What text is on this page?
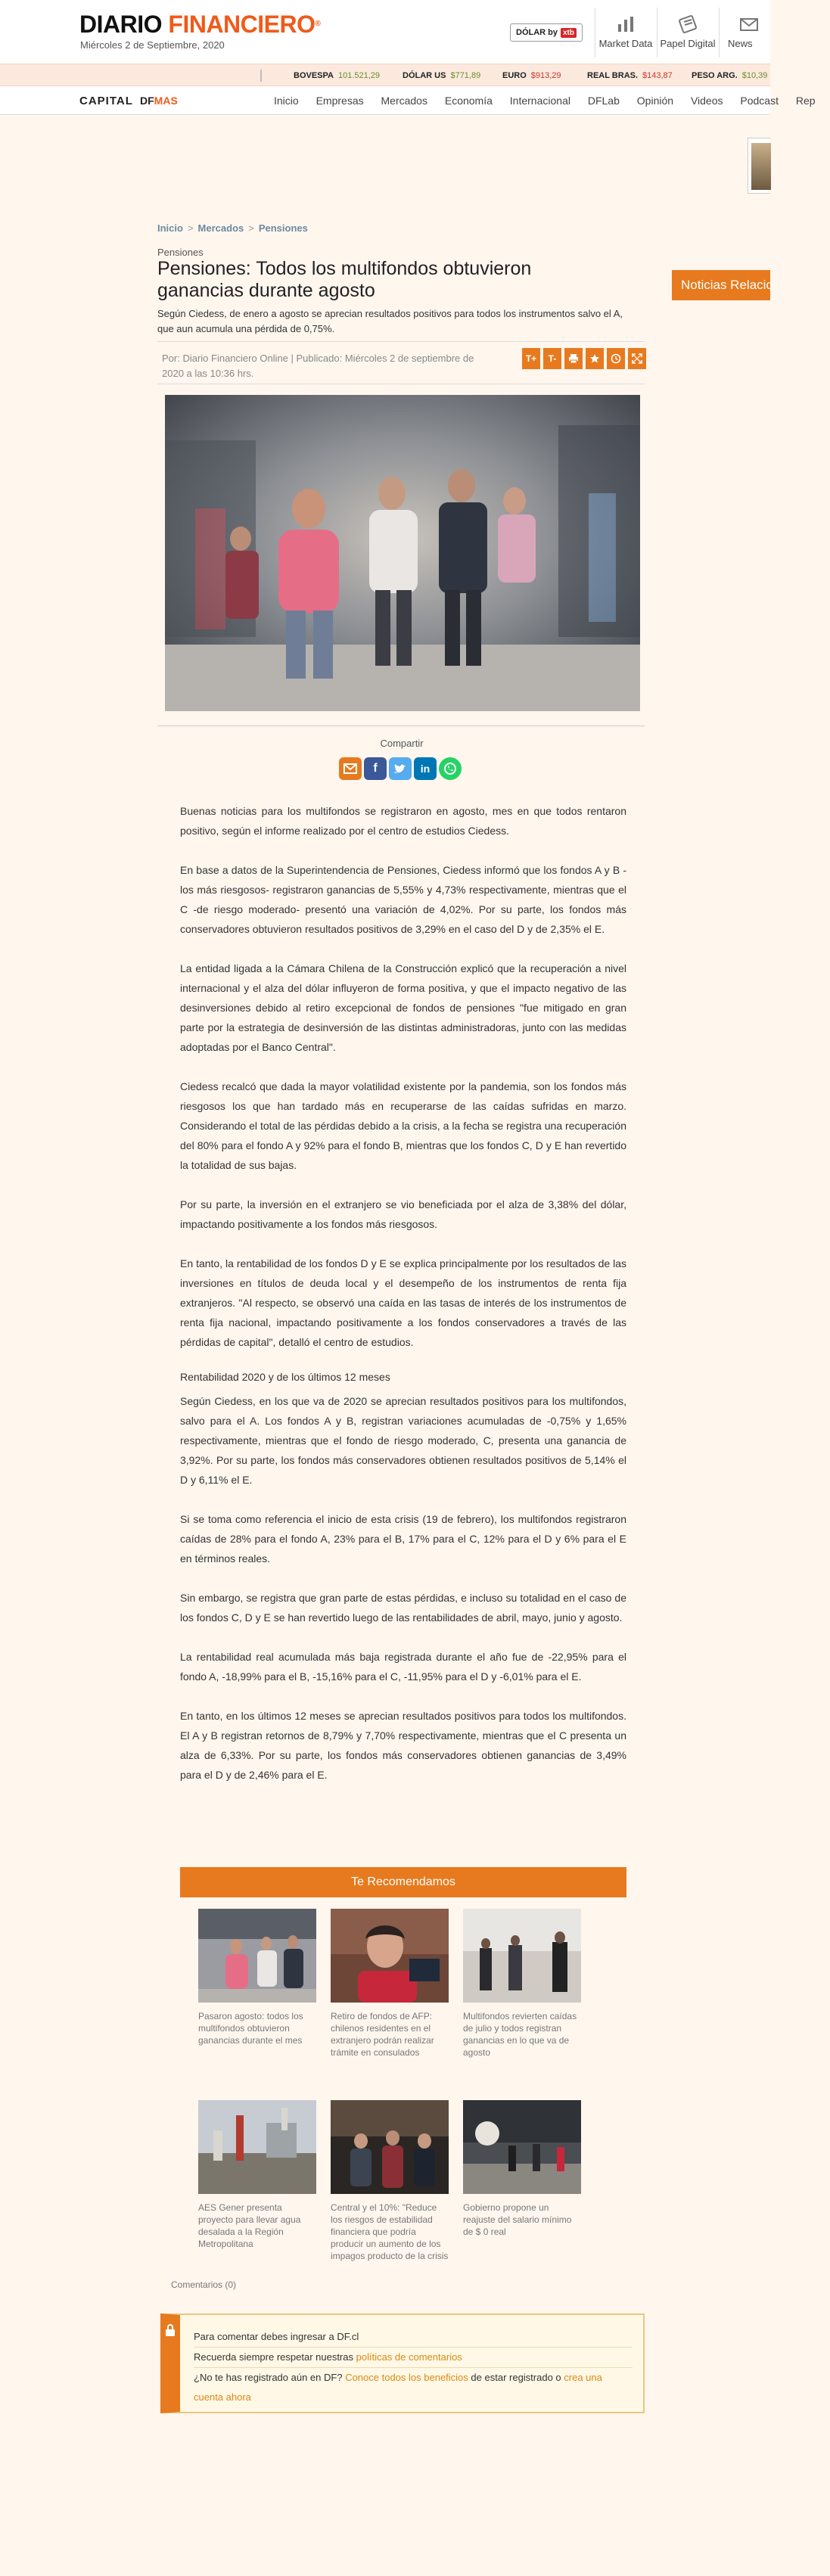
DIARIO FINANCIERO®
Miércoles 2 de Septiembre, 2020
DÓLAR by xtb
Market Data Papel Digital News
BOVESPA 101.521,29	DÓLAR US $771,89	EURO $913,29	REAL BRAS. $143,87 PESO ARG. $10,39
CAPITAL DFMAS	Inicio Empresas Mercados Economía Internacional DFLab Opinión Videos Podcast Rep
Noticias Relacio
Inicio > Mercados > Pensiones
Pensiones
Pensiones: Todos los multifondos obtuvieron ganancias durante agosto
Según Ciedess, de enero a agosto se aprecian resultados positivos para todos los instrumentos salvo el A, que aun acumula una pérdida de 0,75%.
Por: Diario Financiero Online | Publicado: Miércoles 2 de septiembre de 2020 a las 10:36 hrs.
T+	T-
Compartir
f	in

Buenas noticias para los multifondos se registraron en agosto, mes en que todos rentaron positivo, según el informe realizado por el centro de estudios Ciedess.

En base a datos de la Superintendencia de Pensiones, Ciedess informó que los fondos A y B -los más riesgosos- registraron ganancias de 5,55% y 4,73% respectivamente, mientras que el C -de riesgo moderado- presentó una variación de 4,02%. Por su parte, los fondos más conservadores obtuvieron resultados positivos de 3,29% en el caso del D y de 2,35% el E.

La entidad ligada a la Cámara Chilena de la Construcción explicó que la recuperación a nivel internacional y el alza del dólar influyeron de forma positiva, y que el impacto negativo de las desinversiones debido al retiro excepcional de fondos de pensiones "fue mitigado en gran parte por la estrategia de desinversión de las distintas administradoras, junto con las medidas adoptadas por el Banco Central".

Ciedess recalcó que dada la mayor volatilidad existente por la pandemia, son los fondos más riesgosos los que han tardado más en recuperarse de las caídas sufridas en marzo. Considerando el total de las pérdidas debido a la crisis, a la fecha se registra una recuperación del 80% para el fondo A y 92% para el fondo B, mientras que los fondos C, D y E han revertido la totalidad de sus bajas.

Por su parte, la inversión en el extranjero se vio beneficiada por el alza de 3,38% del dólar, impactando positivamente a los fondos más riesgosos.

En tanto, la rentabilidad de los fondos D y E se explica principalmente por los resultados de las inversiones en títulos de deuda local y el desempeño de los instrumentos de renta fija extranjeros. "Al respecto, se observó una caída en las tasas de interés de los instrumentos de renta fija nacional, impactando positivamente a los fondos conservadores a través de las pérdidas de capital", detalló el centro de estudios.

Rentabilidad 2020 y de los últimos 12 meses

Según Ciedess, en los que va de 2020 se aprecian resultados positivos para los multifondos, salvo para el A. Los fondos A y B, registran variaciones acumuladas de -0,75% y 1,65% respectivamente, mientras que el fondo de riesgo moderado, C, presenta una ganancia de 3,92%. Por su parte, los fondos más conservadores obtienen resultados positivos de 5,14% el D y 6,11% el E.

Si se toma como referencia el inicio de esta crisis (19 de febrero), los multifondos registraron caídas de 28% para el fondo A, 23% para el B, 17% para el C, 12% para el D y 6% para el E en términos reales.

Sin embargo, se registra que gran parte de estas pérdidas, e incluso su totalidad en el caso de los fondos C, D y E se han revertido luego de las rentabilidades de abril, mayo, junio y agosto.

La rentabilidad real acumulada más baja registrada durante el año fue de -22,95% para el fondo A, -18,99% para el B, -15,16% para el C, -11,95% para el D y -6,01% para el E.

En tanto, en los últimos 12 meses se aprecian resultados positivos para todos los multifondos. El A y B registran retornos de 8,79% y 7,70% respectivamente, mientras que el C presenta un alza de 6,33%. Por su parte, los fondos más conservadores obtienen ganancias de 3,49% para el D y de 2,46% para el E.

Te Recomendamos
Pasaron agosto: todos los multifondos obtuvieron ganancias durante el mes
Retiro de fondos de AFP: chilenos residentes en el extranjero podrán realizar trámite en consulados
Multifondos revierten caídas de julio y todos registran ganancias en lo que va de agosto
AES Gener presenta proyecto para llevar agua desalada a la Región Metropolitana
Central y el 10%: "Reduce los riesgos de estabilidad financiera que podría producir un aumento de los impagos producto de la crisis
Gobierno propone un reajuste del salario mínimo de $ 0 real
Comentarios (0)
Para comentar debes ingresar a DF.cl
Recuerda siempre respetar nuestras políticas de comentarios
¿No te has registrado aún en DF? Conoce todos los beneficios de estar registrado o crea una cuenta ahora
